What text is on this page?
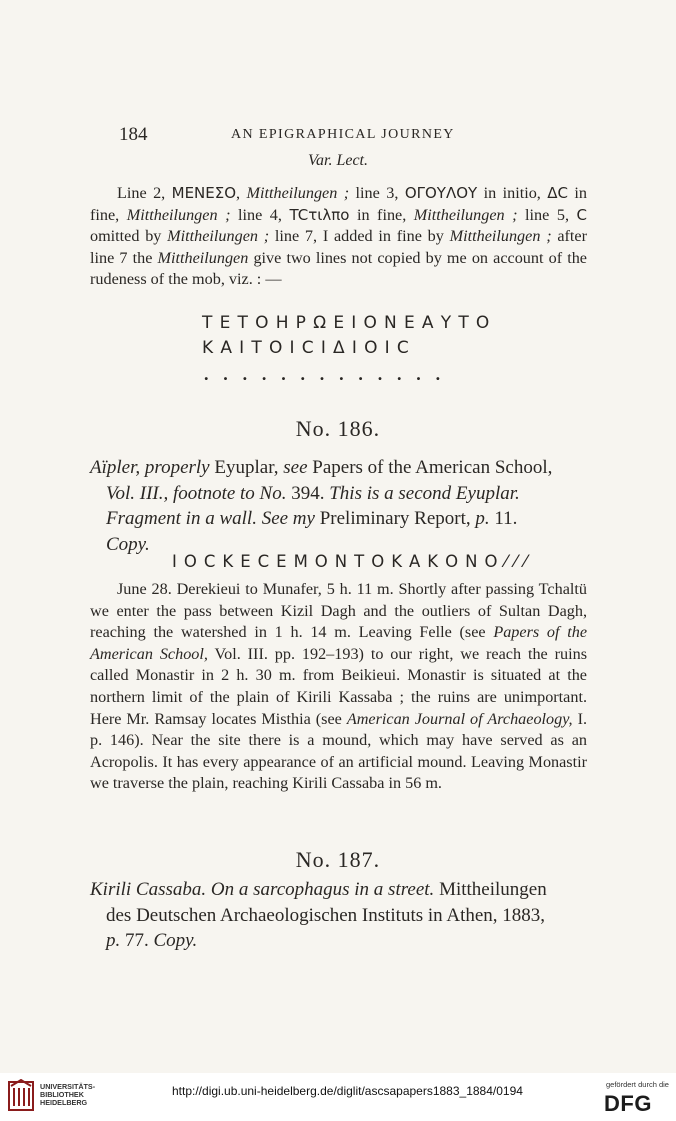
184	AN EPIGRAPHICAL JOURNEY
Var. Lect.
Line 2, ΜΕΝΕΣΟ, Mittheilungen ; line 3, ΟΓΟΥΛΟΥ in initio, ΔC in fine, Mittheilungen ; line 4, TCτιλπο in fine, Mittheilungen ; line 5, C omitted by Mittheilungen ; line 7, I added in fine by Mittheilungen ; after line 7 the Mittheilungen give two lines not copied by me on account of the rudeness of the mob, viz. : —
ΤΕΤΟΗΡΩΕΙΟΝΕΑΥΤΟ
ΚΑΙΤΟΙCΙΔΙΟΙC
.............
No. 186.
Aïpler, properly Eyuplar, see Papers of the American School,
Vol. III., footnote to No. 394. This is a second Eyuplar.
Fragment in a wall. See my Preliminary Report, p. 11.
Copy.
ΙΟCΚΕCΕΜΟΝΤΟΚΑΚΟΝΟ⁄⁄⁄
June 28. Derekieui to Munafer, 5 h. 11 m. Shortly after passing Tchaltü we enter the pass between Kizil Dagh and the outliers of Sultan Dagh, reaching the watershed in 1 h. 14 m. Leaving Felle (see Papers of the American School, Vol. III. pp. 192–193) to our right, we reach the ruins called Monastir in 2 h. 30 m. from Beikieui. Monastir is situated at the northern limit of the plain of Kirili Kassaba ; the ruins are unimportant. Here Mr. Ramsay locates Misthia (see American Journal of Archaeology, I. p. 146). Near the site there is a mound, which may have served as an Acropolis. It has every appearance of an artificial mound. Leaving Monastir we traverse the plain, reaching Kirili Cassaba in 56 m.
No. 187.
Kirili Cassaba. On a sarcophagus in a street. Mittheilungen
des Deutschen Archaeologischen Instituts in Athen, 1883,
p. 77. Copy.
UNIVERSITÄTS-
BIBLIOTHEK
HEIDELBERG
http://digi.ub.uni-heidelberg.de/diglit/ascsapapers1883_1884/0194	gefördert durch die
DFG
